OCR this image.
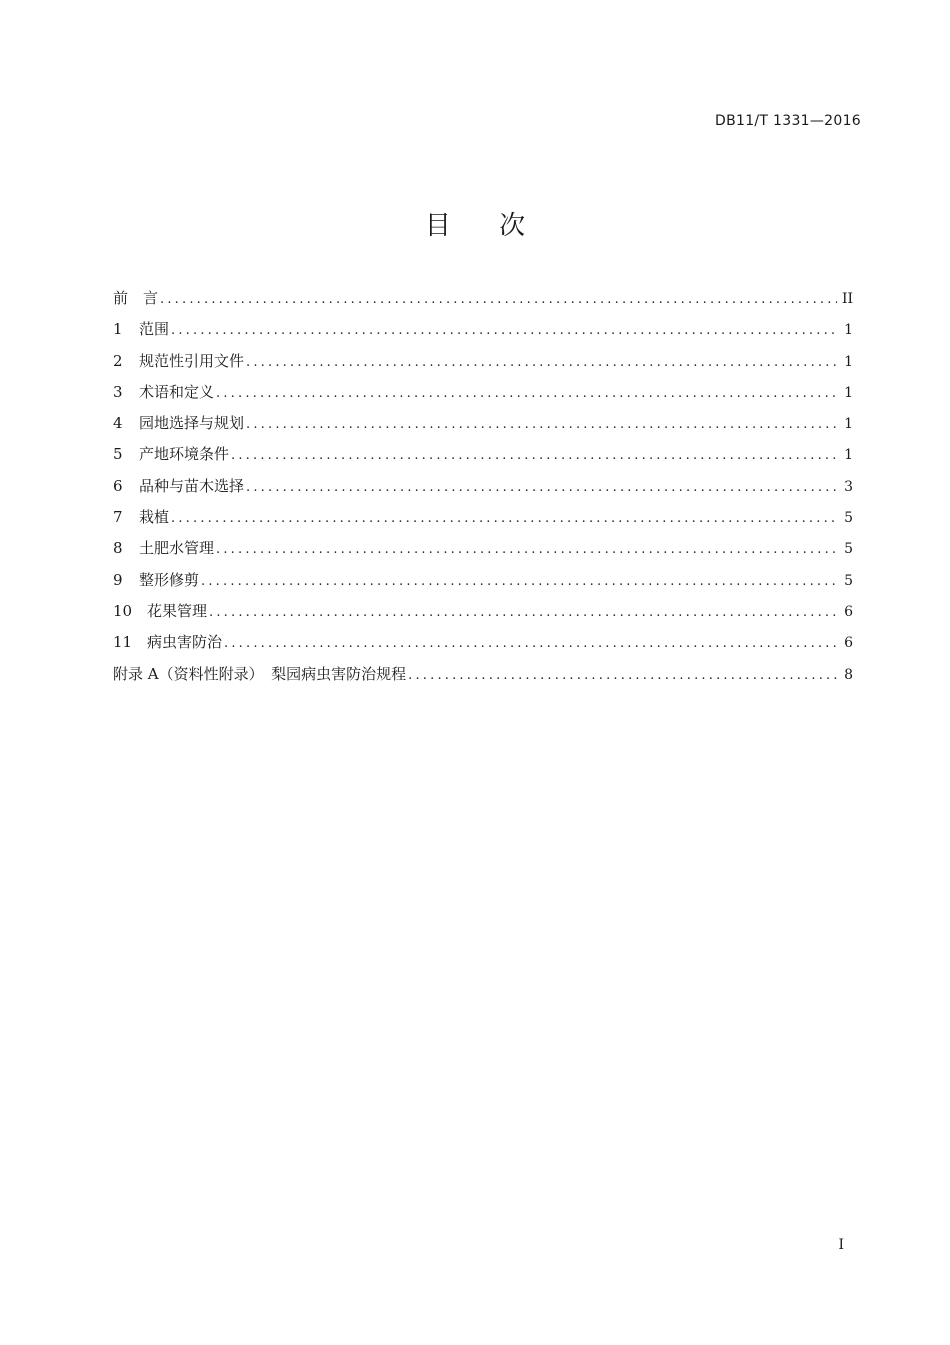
DB11/T 1331—2016
目 次
前　言 .....	II
1	范围 .....	1
2	规范性引用文件 .....	1
3	术语和定义 .....	1
4	园地选择与规划 .....	1
5	产地环境条件 .....	1
6	品种与苗木选择 .....	3
7	栽植 .....	5
8	土肥水管理 .....	5
9	整形修剪 .....	5
10 花果管理 .....	6
11 病虫害防治 .....	6
附录 A（资料性附录）　梨园病虫害防治规程 .....	8
I
